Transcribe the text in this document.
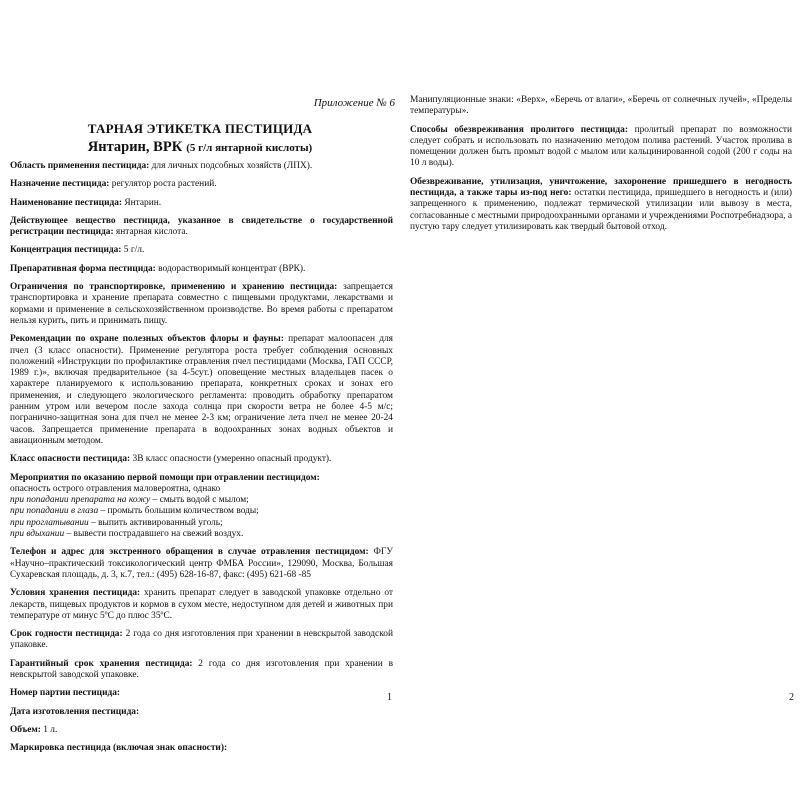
Приложение № 6
ТАРНАЯ ЭТИКЕТКА ПЕСТИЦИДА
Янтарин, ВРК (5 г/л янтарной кислоты)

Область применения пестицида: для личных подсобных хозяйств (ЛПХ).

Назначение пестицида: регулятор роста растений.

Наименование пестицида: Янтарин.

Действующее вещество пестицида, указанное в свидетельстве о государственной регистрации пестицида: янтарная кислота.

Концентрация пестицида: 5 г/л.

Препаративная форма пестицида: водорастворимый концентрат (ВРК).

Ограничения по транспортировке, применению и хранению пестицида: запрещается транспортировка и хранение препарата совместно с пищевыми продуктами, лекарствами и кормами и применение в сельскохозяйственном производстве. Во время работы с препаратом нельзя курить, пить и принимать пищу.

Рекомендации по охране полезных объектов флоры и фауны: препарат малоопасен для пчел (3 класс опасности). Применение регулятора роста требует соблюдения основных положений «Инструкции по профилактике отравления пчел пестицидами (Москва, ГАП СССР, 1989 г.)», включая предварительное (за 4-5сут.) оповещение местных владельцев пасек о характере планируемого к использованию препарата, конкретных сроках и зонах его применения, и следующего экологического регламента: проводить обработку препаратом ранним утром или вечером после захода солнца при скорости ветра не более 4-5 м/с; погранично-защитная зона для пчел не менее 2-3 км; ограничение лета пчел не менее 20-24 часов. Запрещается применение препарата в водоохранных зонах водных объектов и авиационным методом.

Класс опасности пестицида: 3В класс опасности (умеренно опасный продукт).

Мероприятия по оказанию первой помощи при отравлении пестицидом:
опасность острого отравления маловероятна, однако
при попадании препарата на кожу – смыть водой с мылом;
при попадании в глаза – промыть большим количеством воды;
при проглатывании – выпить активированный уголь;
при вдыхании – вывести пострадавшего на свежий воздух.

Телефон и адрес для экстренного обращения в случае отравления пестицидом: ФГУ «Научно–практический токсикологический центр ФМБА России», 129090, Москва, Большая Сухаревская площадь, д. 3, к.7, тел.: (495) 628-16-87, факс: (495) 621-68 -85

Условия хранения пестицида: хранить препарат следует в заводской упаковке отдельно от лекарств, пищевых продуктов и кормов в сухом месте, недоступном для детей и животных при температуре от минус 5ºС до плюс 35ºС.

Срок годности пестицида: 2 года со дня изготовления при хранении в невскрытой заводской упаковке.

Гарантийный срок хранения пестицида: 2 года со дня изготовления при хранении в невскрытой заводской упаковке.

Номер партии пестицида:

Дата изготовления пестицида:

Объем: 1 л.

Маркировка пестицида (включая знак опасности):

1

Манипуляционные знаки: «Верх», «Беречь от влаги», «Беречь от солнечных лучей», «Пределы температуры».

Способы обезвреживания пролитого пестицида: пролитый препарат по возможности следует собрать и использовать по назначению методом полива растений. Участок пролива в помещении должен быть промыт водой с мылом или кальцинированной содой (200 г соды на 10 л воды).

Обезвреживание, утилизация, уничтожение, захоронение пришедшего в негодность пестицида, а также тары из-под него: остатки пестицида, пришедшего в негодность и (или) запрещенного к применению, подлежат термической утилизации или вывозу в места, согласованные с местными природоохранными органами и учреждениями Роспотребнадзора, а пустую тару следует утилизировать как твердый бытовой отход.

2
